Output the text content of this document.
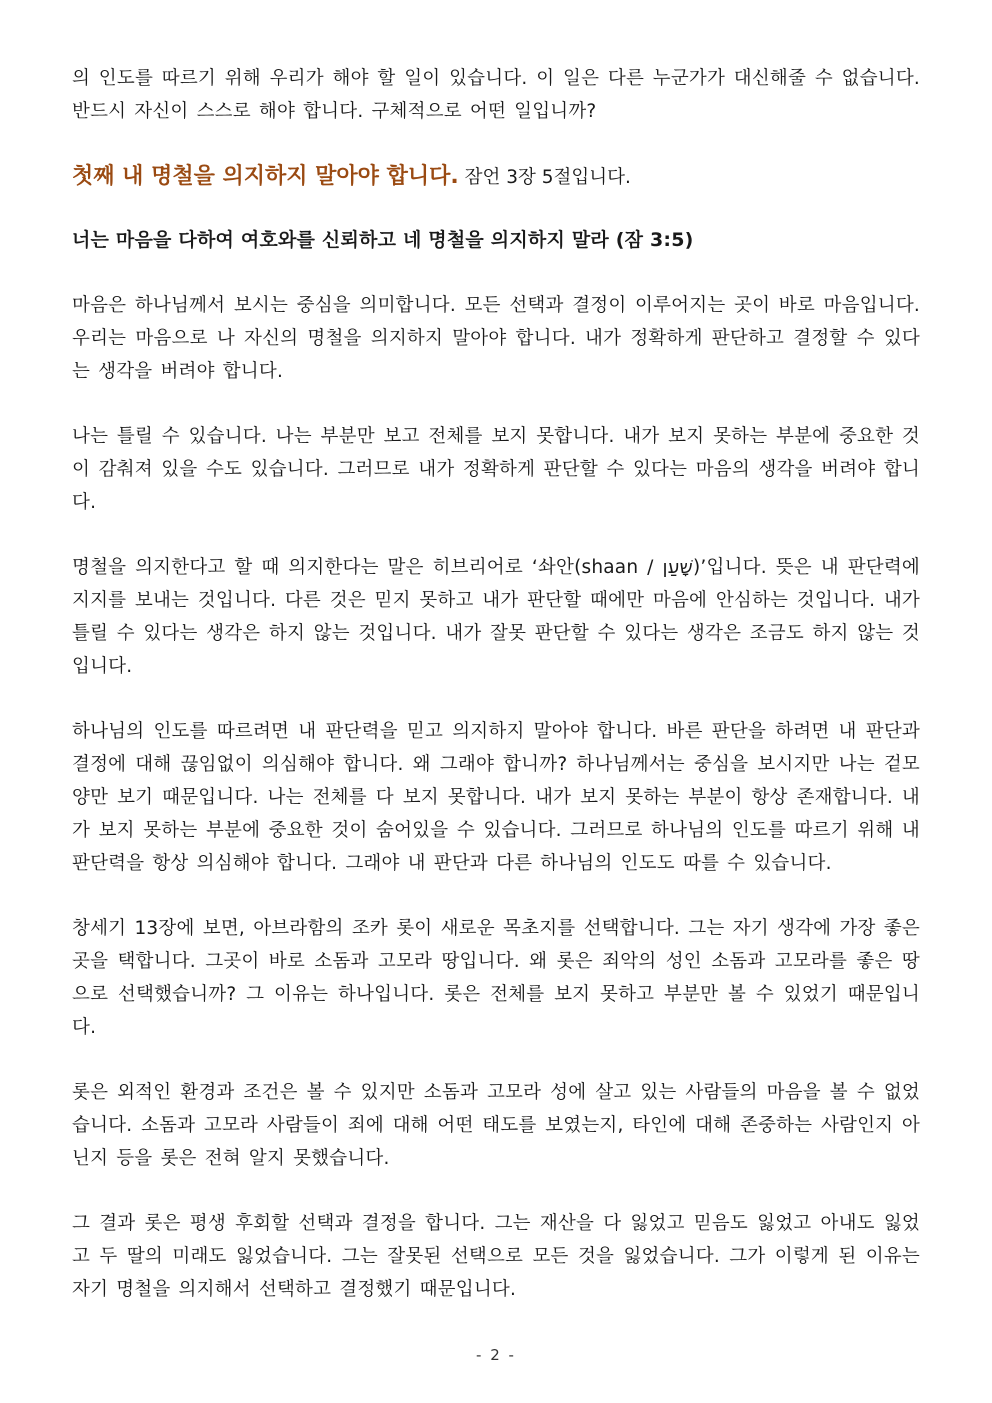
의 인도를 따르기 위해 우리가 해야 할 일이 있습니다. 이 일은 다른 누군가가 대신해줄 수 없습니다. 반드시 자신이 스스로 해야 합니다. 구체적으로 어떤 일입니까?

첫째 내 명철을 의지하지 말아야 합니다. 잠언 3장 5절입니다.

너는 마음을 다하여 여호와를 신뢰하고 네 명철을 의지하지 말라 (잠 3:5)

마음은 하나님께서 보시는 중심을 의미합니다. 모든 선택과 결정이 이루어지는 곳이 바로 마음입니다. 우리는 마음으로 나 자신의 명철을 의지하지 말아야 합니다. 내가 정확하게 판단하고 결정할 수 있다는 생각을 버려야 합니다.

나는 틀릴 수 있습니다. 나는 부분만 보고 전체를 보지 못합니다. 내가 보지 못하는 부분에 중요한 것이 감춰져 있을 수도 있습니다. 그러므로 내가 정확하게 판단할 수 있다는 마음의 생각을 버려야 합니다.

명철을 의지한다고 할 때 의지한다는 말은 히브리어로 ‘솨안(shaan / שָׁעַן)’입니다. 뜻은 내 판단력에 지지를 보내는 것입니다. 다른 것은 믿지 못하고 내가 판단할 때에만 마음에 안심하는 것입니다. 내가 틀릴 수 있다는 생각은 하지 않는 것입니다. 내가 잘못 판단할 수 있다는 생각은 조금도 하지 않는 것입니다.

하나님의 인도를 따르려면 내 판단력을 믿고 의지하지 말아야 합니다. 바른 판단을 하려면 내 판단과 결정에 대해 끊임없이 의심해야 합니다. 왜 그래야 합니까? 하나님께서는 중심을 보시지만 나는 겉모양만 보기 때문입니다. 나는 전체를 다 보지 못합니다. 내가 보지 못하는 부분이 항상 존재합니다. 내가 보지 못하는 부분에 중요한 것이 숨어있을 수 있습니다. 그러므로 하나님의 인도를 따르기 위해 내 판단력을 항상 의심해야 합니다. 그래야 내 판단과 다른 하나님의 인도도 따를 수 있습니다.

창세기 13장에 보면, 아브라함의 조카 롯이 새로운 목초지를 선택합니다. 그는 자기 생각에 가장 좋은 곳을 택합니다. 그곳이 바로 소돔과 고모라 땅입니다. 왜 롯은 죄악의 성인 소돔과 고모라를 좋은 땅으로 선택했습니까? 그 이유는 하나입니다. 롯은 전체를 보지 못하고 부분만 볼 수 있었기 때문입니다.

롯은 외적인 환경과 조건은 볼 수 있지만 소돔과 고모라 성에 살고 있는 사람들의 마음을 볼 수 없었습니다. 소돔과 고모라 사람들이 죄에 대해 어떤 태도를 보였는지, 타인에 대해 존중하는 사람인지 아닌지 등을 롯은 전혀 알지 못했습니다.

그 결과 롯은 평생 후회할 선택과 결정을 합니다. 그는 재산을 다 잃었고 믿음도 잃었고 아내도 잃었고 두 딸의 미래도 잃었습니다. 그는 잘못된 선택으로 모든 것을 잃었습니다. 그가 이렇게 된 이유는 자기 명철을 의지해서 선택하고 결정했기 때문입니다.

- 2 -
